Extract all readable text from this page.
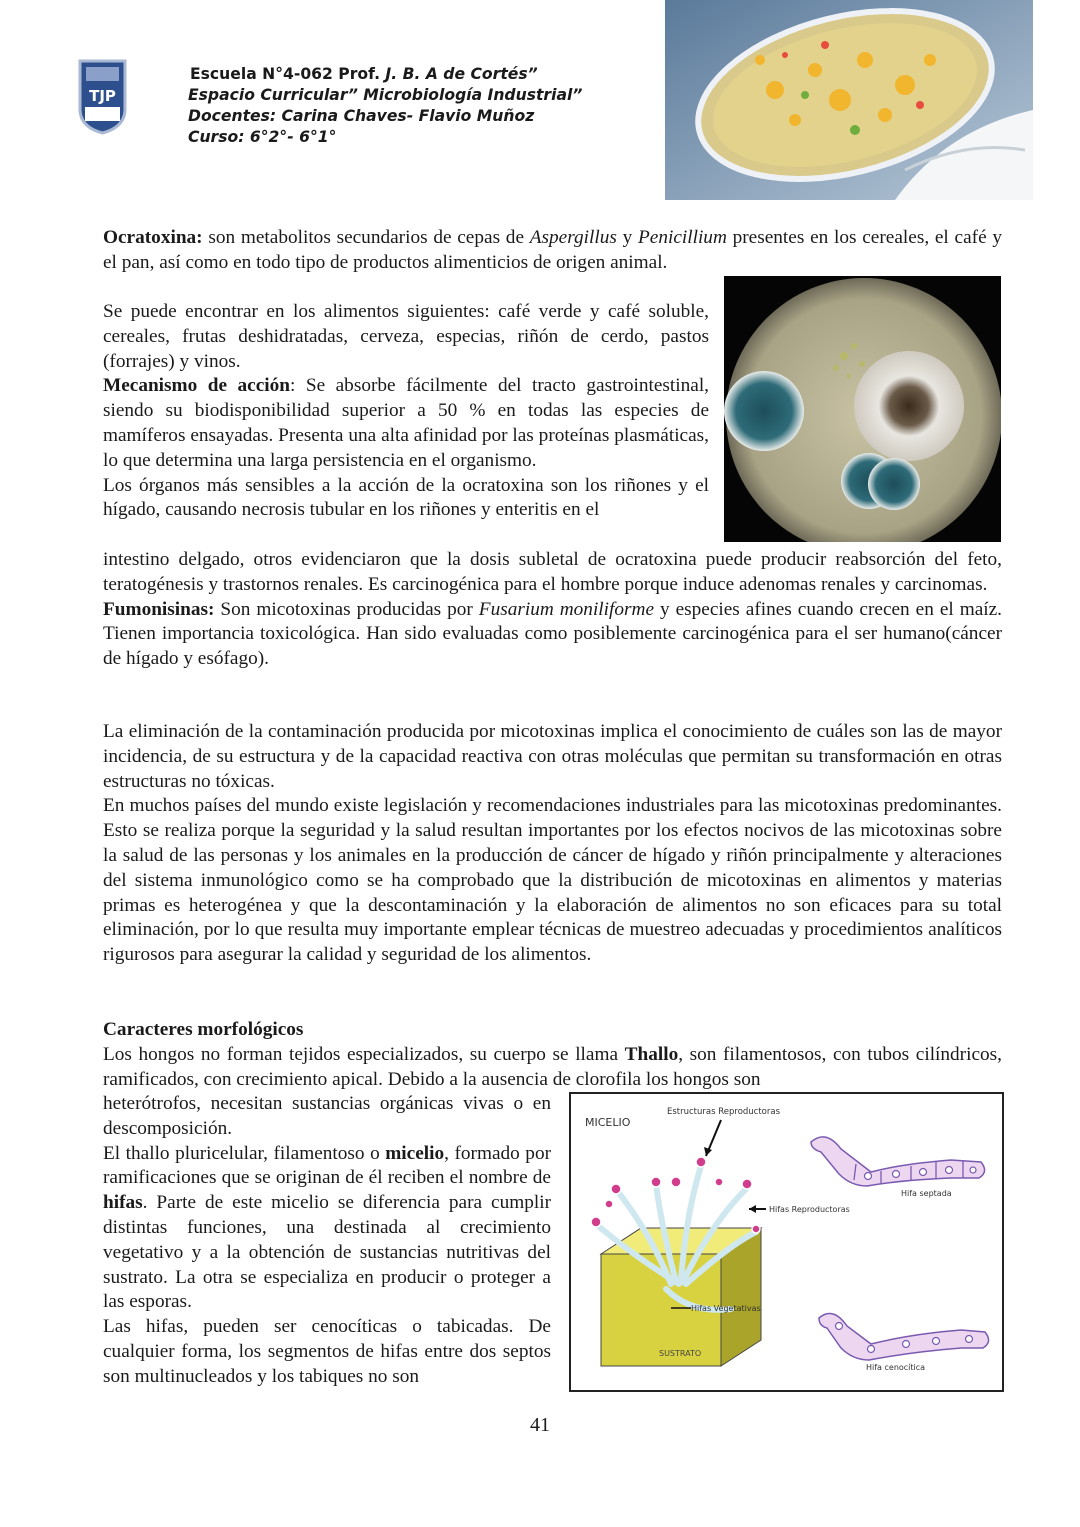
TJP
Escuela N°4-062 Prof. J. B. A de Cortés”
Espacio Curricular” Microbiología Industrial”
Docentes: Carina Chaves- Flavio Muñoz
Curso: 6°2°- 6°1°

Ocratoxina: son metabolitos secundarios de cepas de Aspergillus y Penicillium presentes en los cereales, el café y el pan, así como en todo tipo de productos alimenticios de origen animal.

Se puede encontrar en los alimentos siguientes: café verde y café soluble, cereales, frutas deshidratadas, cerveza, especias, riñón de cerdo, pastos (forrajes) y vinos.

Mecanismo de acción: Se absorbe fácilmente del tracto gastrointestinal, siendo su biodisponibilidad superior a 50 % en todas las especies de mamíferos ensayadas. Presenta una alta afinidad por las proteínas plasmáticas, lo que determina una larga persistencia en el organismo.

Los órganos más sensibles a la acción de la ocratoxina son los riñones y el hígado, causando necrosis tubular en los riñones y enteritis en el

intestino delgado, otros evidenciaron que la dosis subletal de ocratoxina puede producir reabsorción del feto, teratogénesis y trastornos renales. Es carcinogénica para el hombre porque induce adenomas renales y carcinomas.

Fumonisinas: Son micotoxinas producidas por Fusarium moniliforme y especies afines cuando crecen en el maíz. Tienen importancia toxicológica. Han sido evaluadas como posiblemente carcinogénica para el ser humano(cáncer de hígado y esófago).

La eliminación de la contaminación producida por micotoxinas implica el conocimiento de cuáles son las de mayor incidencia, de su estructura y de la capacidad reactiva con otras moléculas que permitan su transformación en otras estructuras no tóxicas.

En muchos países del mundo existe legislación y recomendaciones industriales para las micotoxinas predominantes. Esto se realiza porque la seguridad y la salud resultan importantes por los efectos nocivos de las micotoxinas sobre la salud de las personas y los animales en la producción de cáncer de hígado y riñón principalmente y alteraciones del sistema inmunológico como se ha comprobado que la distribución de micotoxinas en alimentos y materias primas es heterogénea y que la descontaminación y la elaboración de alimentos no son eficaces para su total eliminación, por lo que resulta muy importante emplear técnicas de muestreo adecuadas y procedimientos analíticos rigurosos para asegurar la calidad y seguridad de los alimentos.

Caracteres morfológicos

Los hongos no forman tejidos especializados, su cuerpo se llama Thallo, son filamentosos, con tubos cilíndricos, ramificados, con crecimiento apical. Debido a la ausencia de clorofila los hongos son

heterótrofos, necesitan sustancias orgánicas vivas o en descomposición.

El thallo pluricelular, filamentoso o micelio, formado por ramificaciones que se originan de él reciben el nombre de hifas. Parte de este micelio se diferencia para cumplir distintas funciones, una destinada al crecimiento vegetativo y a la obtención de sustancias nutritivas del sustrato. La otra se especializa en producir o proteger a las esporas.

Las hifas, pueden ser cenocíticas o tabicadas. De cualquier forma, los segmentos de hifas entre dos septos son multinucleados y los tabiques no son

MICELIO
Estructuras Reproductoras
SUSTRATO
Hifas Reproductoras
Hifas Vegetativas
Hifa septada
Hifa cenocítica
41
